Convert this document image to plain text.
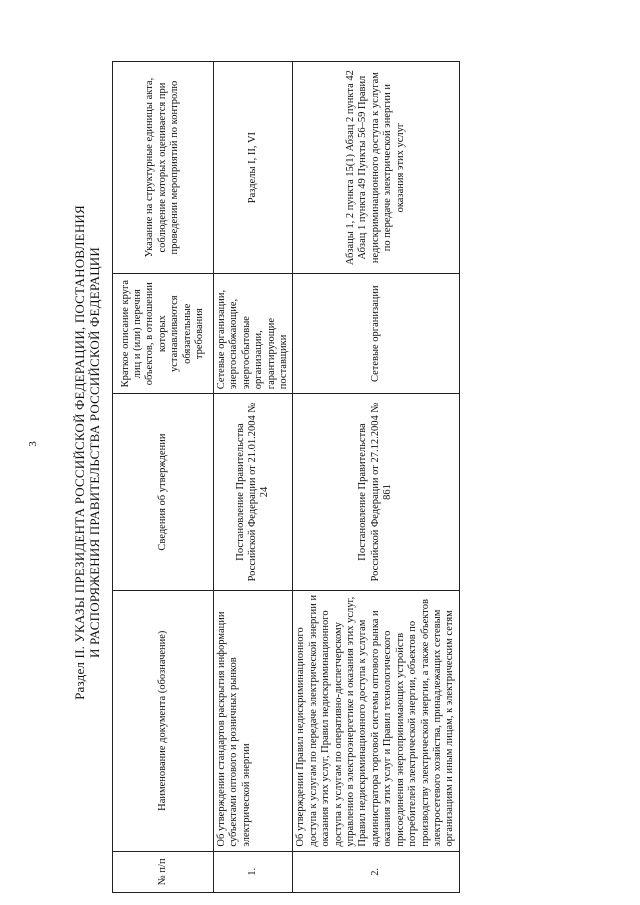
3	Раздел II. УКАЗЫ ПРЕЗИДЕНТА РОССИЙСКОЙ ФЕДЕРАЦИИ, ПОСТАНОВЛЕНИЯ И РАСПОРЯЖЕНИЯ ПРАВИТЕЛЬСТВА РОССИЙСКОЙ ФЕДЕРАЦИИ
№ п/п	Наименование документа (обозначение)	Сведения об утверждении	Краткое описание круга лиц и (или) перечня объектов, в отношении которых устанавливаются обязательные требования	Указание на структурные единицы акта, соблюдение которых оценивается при проведении мероприятий по контролю
1.	Об утверждении стандартов раскрытия информации субъектами оптового и розничных рынков электрической энергии	Постановление Правительства Российской Федерации от 21.01.2004 № 24	Сетевые организации, энергоснабжающие, энергосбытовые организации, гарантирующие поставщики	Разделы I, II, VI
2.	Об утверждении Правил недискриминационного доступа к услугам по передаче электрической энергии и оказания этих услуг, Правил недискриминационного доступа к услугам по оперативно-диспетчерскому управлению в электроэнергетике и оказания этих услуг, Правил недискриминационного доступа к услугам администратора торговой системы оптового рынка и оказания этих услуг и Правил технологического присоединения энергопринимающих устройств потребителей электрической энергии, объектов по производству электрической энергии, а также объектов электросетевого хозяйства, принадлежащих сетевым организациям и иным лицам, к электрическим сетям	Постановление Правительства Российской Федерации от 27.12.2004 № 861	Сетевые организации	Абзацы 1, 2 пункта 15(1) Абзац 2 пункта 42 Абзац 1 пункта 49 Пункты 56–59 Правил недискриминационного доступа к услугам по передаче электрической энергии и оказания этих услуг
